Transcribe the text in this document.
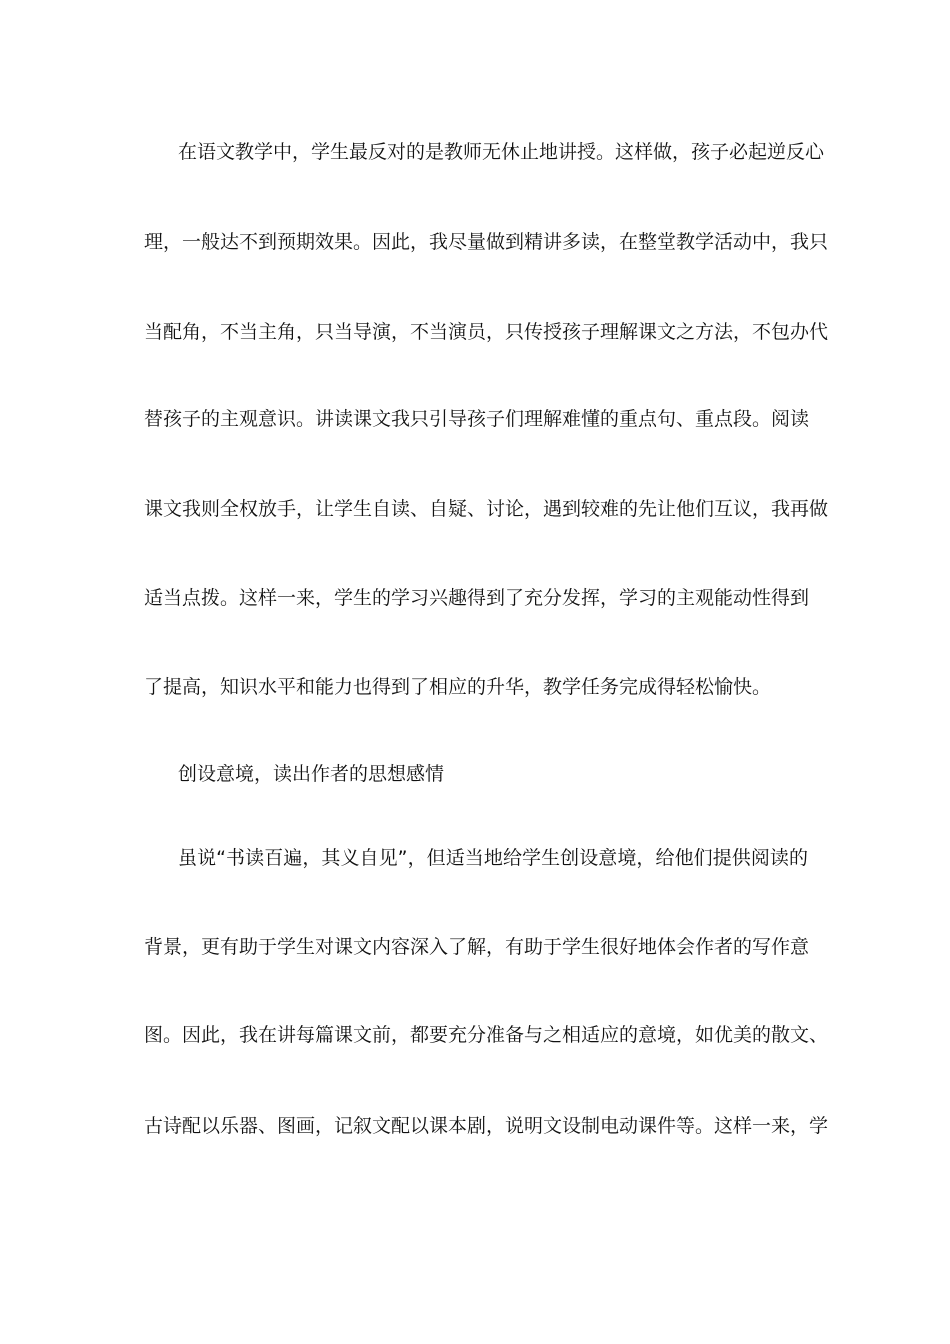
在语文教学中，学生最反对的是教师无休止地讲授。这样做，孩子必起逆反心
理，一般达不到预期效果。因此，我尽量做到精讲多读，在整堂教学活动中，我只
当配角，不当主角，只当导演，不当演员，只传授孩子理解课文之方法，不包办代
替孩子的主观意识。讲读课文我只引导孩子们理解难懂的重点句、重点段。阅读
课文我则全权放手，让学生自读、自疑、讨论，遇到较难的先让他们互议，我再做
适当点拨。这样一来，学生的学习兴趣得到了充分发挥，学习的主观能动性得到
了提高，知识水平和能力也得到了相应的升华，教学任务完成得轻松愉快。
创设意境，读出作者的思想感情
虽说“书读百遍，其义自见”，但适当地给学生创设意境，给他们提供阅读的
背景，更有助于学生对课文内容深入了解，有助于学生很好地体会作者的写作意
图。因此，我在讲每篇课文前，都要充分准备与之相适应的意境，如优美的散文、
古诗配以乐器、图画，记叙文配以课本剧，说明文设制电动课件等。这样一来，学
